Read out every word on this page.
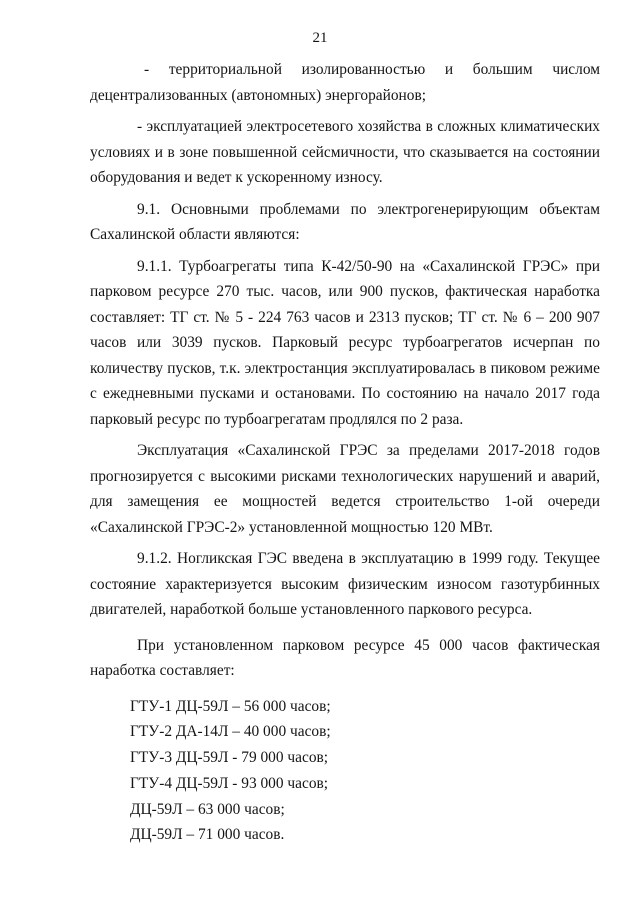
21
- территориальной изолированностью и большим числом

децентрализованных (автономных) энергорайонов;

- эксплуатацией электросетевого хозяйства в сложных климатических условиях и в зоне повышенной сейсмичности, что сказывается на состоянии оборудования и ведет к ускоренному износу.

9.1. Основными проблемами по электрогенерирующим объектам Сахалинской области являются:

9.1.1. Турбоагрегаты типа К-42/50-90 на «Сахалинской ГРЭС» при парковом ресурсе 270 тыс. часов, или 900 пусков, фактическая наработка составляет: ТГ ст. № 5 - 224 763 часов и 2313 пусков; ТГ ст. № 6 – 200 907 часов или 3039 пусков. Парковый ресурс турбоагрегатов исчерпан по количеству пусков, т.к. электростанция эксплуатировалась в пиковом режиме с ежедневными пусками и остановами. По состоянию на начало 2017 года парковый ресурс по турбоагрегатам продлялся по 2 раза.

Эксплуатация «Сахалинской ГРЭС за пределами 2017-2018 годов прогнозируется с высокими рисками технологических нарушений и аварий, для замещения ее мощностей ведется строительство 1-ой очереди «Сахалинской ГРЭС-2» установленной мощностью 120 МВт.

9.1.2. Ногликская ГЭС введена в эксплуатацию в 1999 году. Текущее состояние характеризуется высоким физическим износом газотурбинных двигателей, наработкой больше установленного паркового ресурса.

При установленном парковом ресурсе 45 000 часов фактическая наработка составляет:

ГТУ-1 ДЦ-59Л – 56 000 часов;

ГТУ-2 ДА-14Л – 40 000 часов;

ГТУ-3 ДЦ-59Л - 79 000 часов;

ГТУ-4 ДЦ-59Л - 93 000 часов;

ДЦ-59Л – 63 000 часов;

ДЦ-59Л – 71 000 часов.
